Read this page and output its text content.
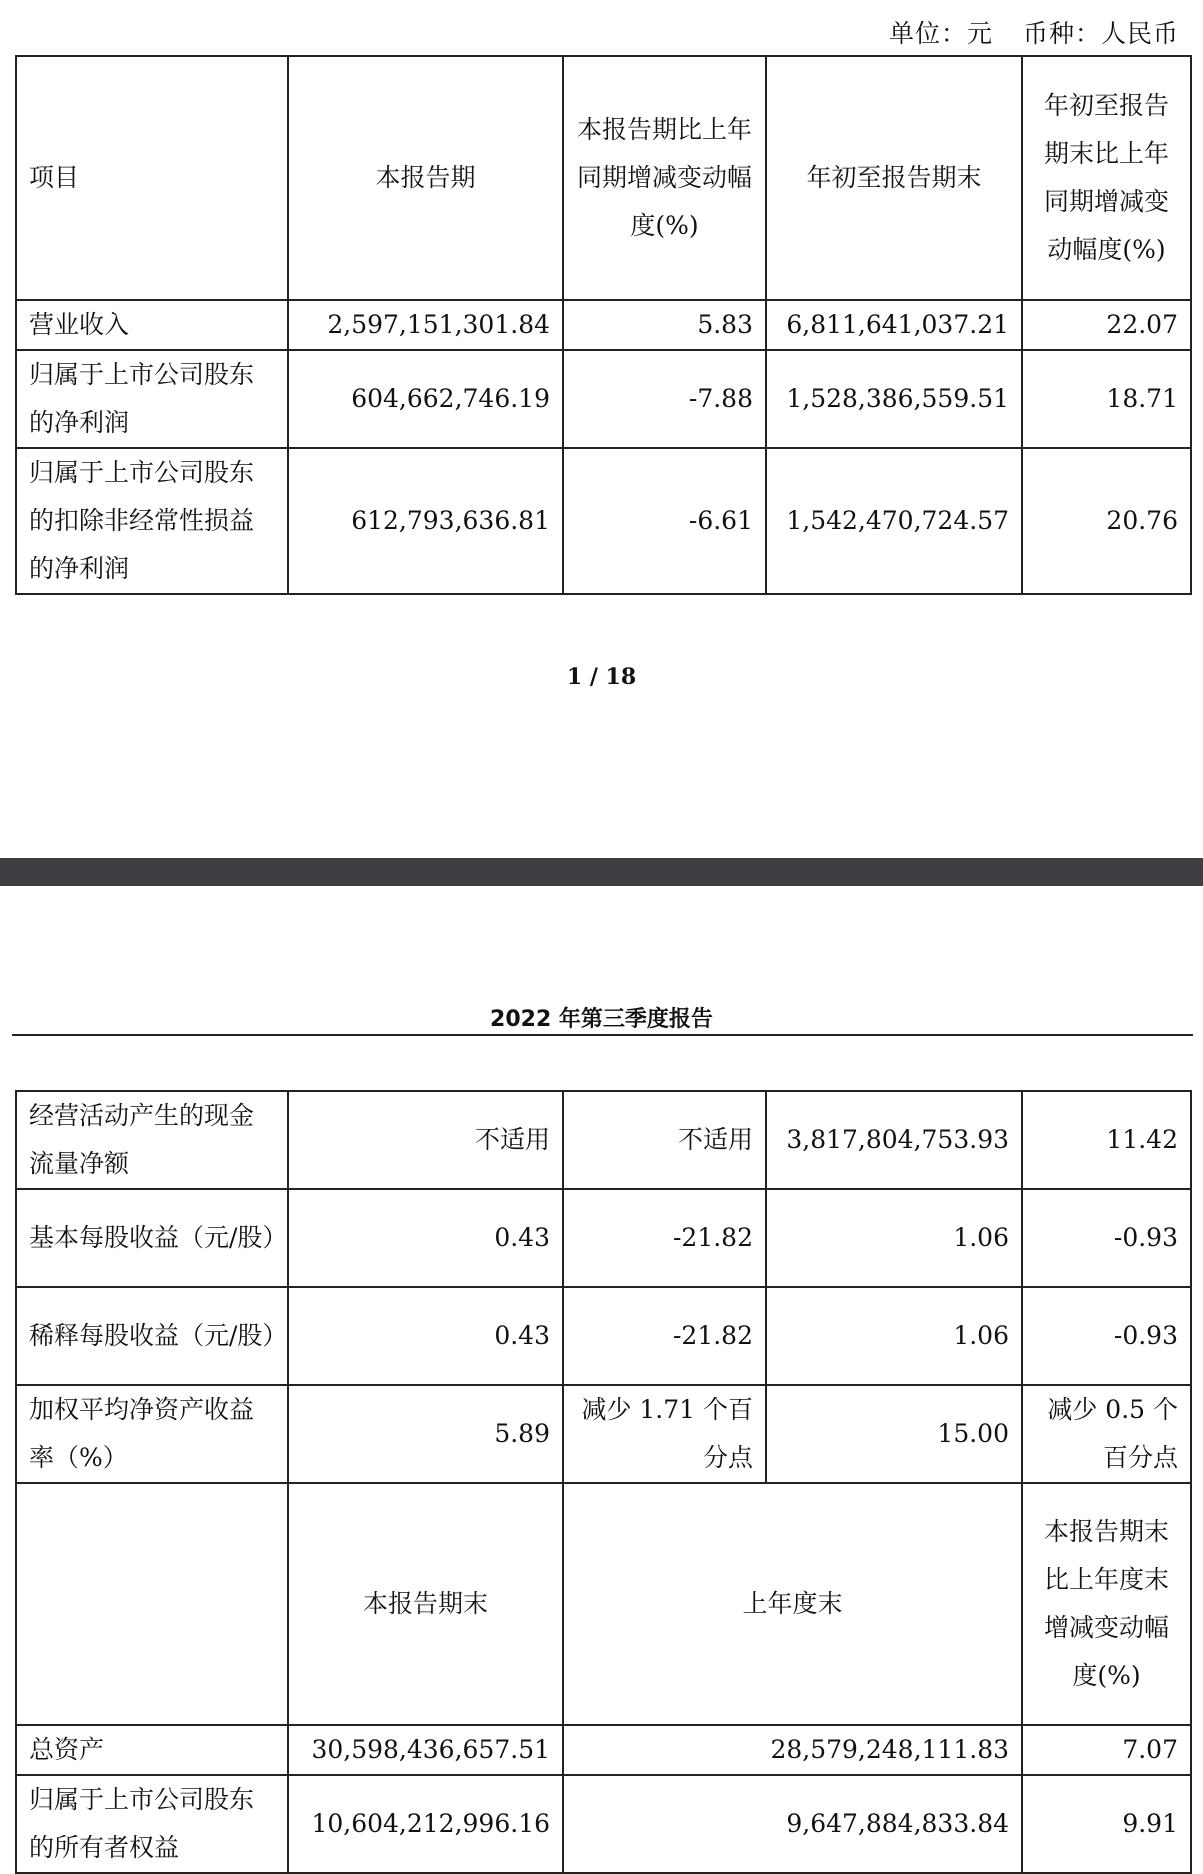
单位：元 币种：人民币
项目	本报告期	本报告期比上年同期增减变动幅度(%)	年初至报告期末	年初至报告期末比上年同期增减变动幅度(%)
营业收入	2,597,151,301.84	5.83	6,811,641,037.21	22.07
归属于上市公司股东的净利润	604,662,746.19	-7.88	1,528,386,559.51	18.71
归属于上市公司股东的扣除非经常性损益的净利润	612,793,636.81	-6.61	1,542,470,724.57	20.76
1 / 18
2022 年第三季度报告
经营活动产生的现金流量净额	不适用	不适用	3,817,804,753.93	11.42
基本每股收益（元/股）	0.43	-21.82	1.06	-0.93
稀释每股收益（元/股）	0.43	-21.82	1.06	-0.93
加权平均净资产收益率（%）	5.89	减少 1.71 个百分点	15.00	减少 0.5 个百分点
	本报告期末	上年度末		本报告期末比上年度末增减变动幅度(%)
总资产	30,598,436,657.51	28,579,248,111.83		7.07
归属于上市公司股东的所有者权益	10,604,212,996.16	9,647,884,833.84		9.91
